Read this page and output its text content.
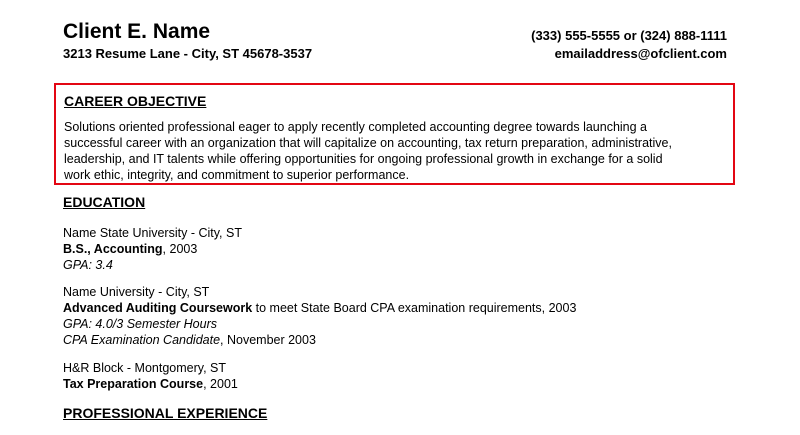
Client E. Name
3213 Resume Lane - City, ST 45678-3537
(333) 555-5555 or (324) 888-1111
emailaddress@ofclient.com
CAREER OBJECTIVE
Solutions oriented professional eager to apply recently completed accounting degree towards launching a
successful career with an organization that will capitalize on accounting, tax return preparation, administrative,
leadership, and IT talents while offering opportunities for ongoing professional growth in exchange for a solid
work ethic, integrity, and commitment to superior performance.
EDUCATION
Name State University - City, ST
B.S., Accounting, 2003
GPA: 3.4
Name University - City, ST
Advanced Auditing Coursework to meet State Board CPA examination requirements, 2003
GPA: 4.0/3 Semester Hours
CPA Examination Candidate, November 2003
H&R Block - Montgomery, ST
Tax Preparation Course, 2001
PROFESSIONAL EXPERIENCE
